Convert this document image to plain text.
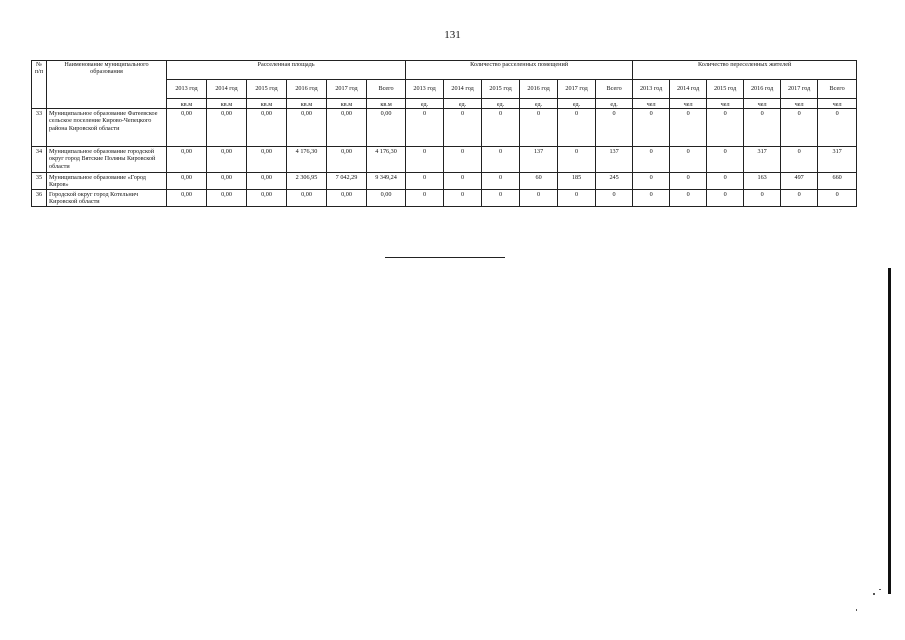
131
№ п/п	Наименование муниципального образования	Расселенная площадь						Количество расселенных помещений						Количество переселенных жителей					
		2013 год	2014 год	2015 год	2016 год	2017 год	Всего	2013 год	2014 год	2015 год	2016 год	2017 год	Всего	2013 год	2014 год	2015 год	2016 год	2017 год	Всего
		кв.м	кв.м	кв.м	кв.м	кв.м	кв.м	ед.	ед.	ед.	ед.	ед.	ед.	чел	чел	чел	чел	чел	чел
33	Муниципальное образование Фатеевское сельское поселение Кирово-Чепецкого района Кировской области	0,00	0,00	0,00	0,00	0,00	0,00	0	0	0	0	0	0	0	0	0	0	0	0
34	Муниципальное образование городской округ город Вятские Поляны Кировской области	0,00	0,00	0,00	4 176,30	0,00	4 176,30	0	0	0	137	0	137	0	0	0	317	0	317
35	Муниципальное образование «Город Киров»	0,00	0,00	0,00	2 306,95	7 042,29	9 349,24	0	0	0	60	185	245	0	0	0	163	497	660
36	Городской округ город Котельнич Кировской области	0,00	0,00	0,00	0,00	0,00	0,00	0	0	0	0	0	0	0	0	0	0	0	0
